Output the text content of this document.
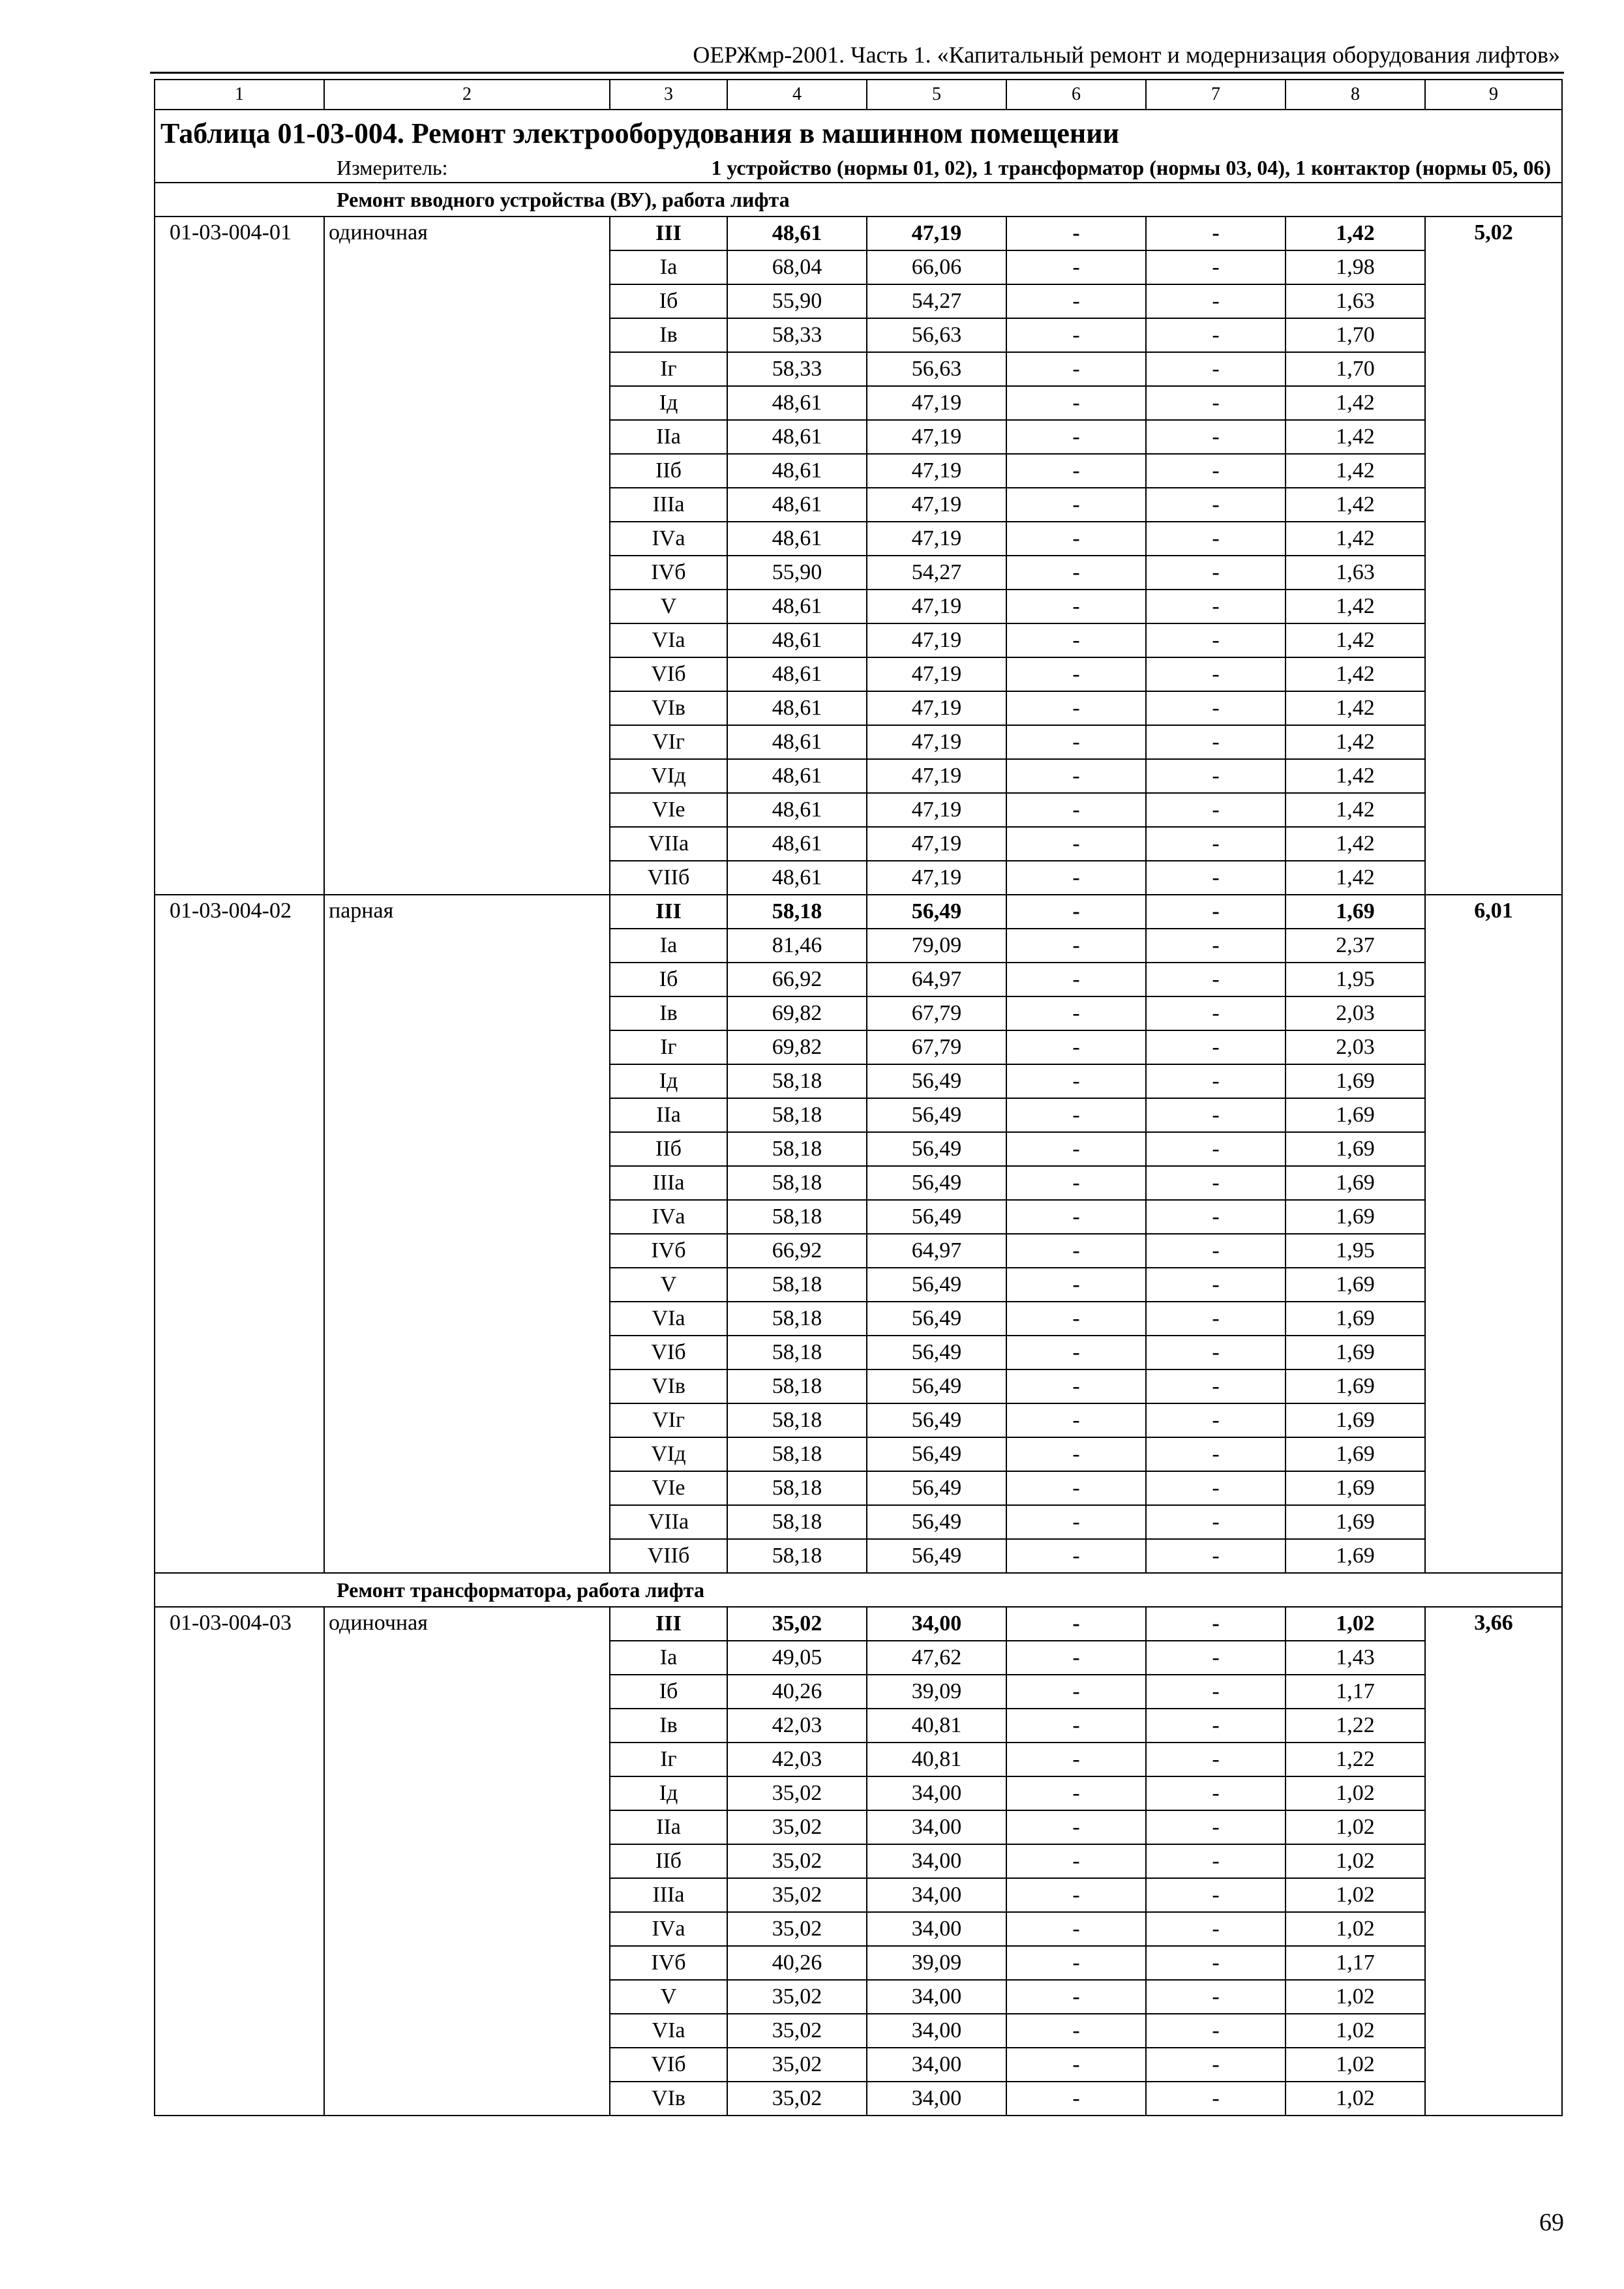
ОЕРЖмр-2001. Часть 1. «Капитальный ремонт и модернизация оборудования лифтов»
1	2	3	4	5	6	7	8	9

Таблица 01-03-004. Ремонт электрооборудования в машинном помещении
Измеритель: 1 устройство (нормы 01, 02), 1 трансформатор (нормы 03, 04), 1 контактор (нормы 05, 06)								

Ремонт вводного устройства (ВУ), работа лифта								
01-03-004-01	одиночная	III	48,61	47,19	-	-	1,42	5,02
		Iа	68,04	66,06	-	-	1,98	
		Iб	55,90	54,27	-	-	1,63	
		Iв	58,33	56,63	-	-	1,70	
		Iг	58,33	56,63	-	-	1,70	
		Iд	48,61	47,19	-	-	1,42	
		IIа	48,61	47,19	-	-	1,42	
		IIб	48,61	47,19	-	-	1,42	
		IIIа	48,61	47,19	-	-	1,42	
		IVа	48,61	47,19	-	-	1,42	
		IVб	55,90	54,27	-	-	1,63	
		V	48,61	47,19	-	-	1,42	
		VIа	48,61	47,19	-	-	1,42	
		VIб	48,61	47,19	-	-	1,42	
		VIв	48,61	47,19	-	-	1,42	
		VIг	48,61	47,19	-	-	1,42	
		VIд	48,61	47,19	-	-	1,42	
		VIе	48,61	47,19	-	-	1,42	
		VIIа	48,61	47,19	-	-	1,42	
		VIIб	48,61	47,19	-	-	1,42	
01-03-004-02	парная	III	58,18	56,49	-	-	1,69	6,01
		Iа	81,46	79,09	-	-	2,37	
		Iб	66,92	64,97	-	-	1,95	
		Iв	69,82	67,79	-	-	2,03	
		Iг	69,82	67,79	-	-	2,03	
		Iд	58,18	56,49	-	-	1,69	
		IIа	58,18	56,49	-	-	1,69	
		IIб	58,18	56,49	-	-	1,69	
		IIIа	58,18	56,49	-	-	1,69	
		IVа	58,18	56,49	-	-	1,69	
		IVб	66,92	64,97	-	-	1,95	
		V	58,18	56,49	-	-	1,69	
		VIа	58,18	56,49	-	-	1,69	
		VIб	58,18	56,49	-	-	1,69	
		VIв	58,18	56,49	-	-	1,69	
		VIг	58,18	56,49	-	-	1,69	
		VIд	58,18	56,49	-	-	1,69	
		VIе	58,18	56,49	-	-	1,69	
		VIIа	58,18	56,49	-	-	1,69	
		VIIб	58,18	56,49	-	-	1,69	
Ремонт трансформатора, работа лифта								
01-03-004-03	одиночная	III	35,02	34,00	-	-	1,02	3,66
		Iа	49,05	47,62	-	-	1,43	
		Iб	40,26	39,09	-	-	1,17	
		Iв	42,03	40,81	-	-	1,22	
		Iг	42,03	40,81	-	-	1,22	
		Iд	35,02	34,00	-	-	1,02	
		IIа	35,02	34,00	-	-	1,02	
		IIб	35,02	34,00	-	-	1,02	
		IIIа	35,02	34,00	-	-	1,02	
		IVа	35,02	34,00	-	-	1,02	
		IVб	40,26	39,09	-	-	1,17	
		V	35,02	34,00	-	-	1,02	
		VIа	35,02	34,00	-	-	1,02	
		VIб	35,02	34,00	-	-	1,02	
		VIв	35,02	34,00	-	-	1,02	
69
